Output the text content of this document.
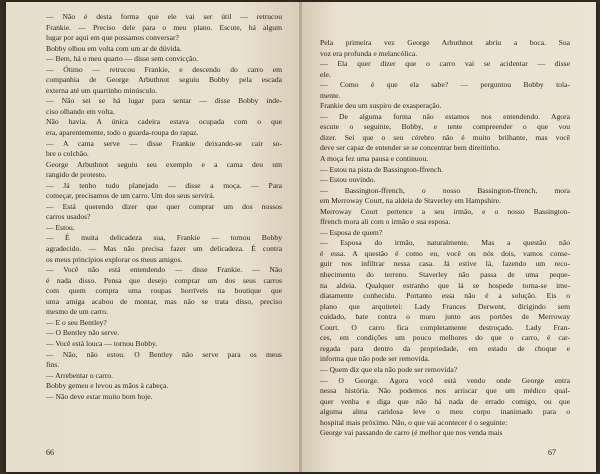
— Não é desta forma que ele vai ser útil — retrucou
Frankie. — Preciso dele para o meu plano. Escute, há algum
lugar por aqui em que possamos conversar?
Bobby olhou em volta com um ar de dúvida.
— Bem, há o meu quarto — disse sem convicção.
— Ótimo — retrucou Frankie, e descendo do carro em
companhia de George Arbuthnot seguiu Bobby pela escada
externa até um quartinho minúsculo.
— Não sei se há lugar para sentar — disse Bobby inde-
ciso olhando em volta.
Não havia. A única cadeira estava ocupada com o que
era, aparentemente, todo o guarda-roupa do rapaz.
— A cama serve — disse Frankie deixando-se cair so-
bre o colchão.
George Arbuthnot seguiu seu exemplo e a cama deu um
rangido de protesto.
— Já tenho tudo planejado — disse a moça. — Para
começar, precisamos de um carro. Um dos seus servirá.
— Está querendo dizer que quer comprar um dos nossos
carros usados?
— Estou.
— É muita delicadeza sua, Frankie — tornou Bobby
agradecido. — Mas não precisa fazer um delicadeza. É contra
os meus princípios explorar os meus amigos.
— Você não está entendendo — disse Frankie. — Não
é nada disso. Pensa que desejo comprar um dos seus carros
com quem compra uma roupas horríveis na boutique que
uma amiga acabou de montar, mas não se trata disso, preciso
mesmo de um carro.
— E o seu Bentley?
— O Bentley não serve.
— Você está louca — tornou Bobby.
— Não, não estou. O Bentley não serve para os meus
fins.
— Arrebentar o carro.
Bobby gemeu e levou as mãos à cabeça.
— Não deve estar muito bom hoje.
66
Pela primeira vez George Arbuthnot abriu a boca. Sua
voz era profunda e melancólica.
— Ela quer dizer que o carro vai se acidentar — disse
ele.
— Como é que ela sabe? — perguntou Bobby tola-
mente.
Frankie deu um suspiro de exasperação.
— De alguma forma não estamos nos entendendo. Agora
escute o seguinte, Bobby, e tente compreender o que vou
dizer. Sei que o seu cérebro não é muito brilhante, mas você
deve ser capaz de entender se se concentrar bem direitinho.
A moça fez uma pausa e continuou.
— Estou na pista de Bassington-ffrench.
— Estou ouvindo.
— Bassington-ffrench, o nosso Bassington-ffrench, mora
em Merroway Court, na aldeia de Staverley em Hampshire.
Merroway Court pertence a seu irmão, e o nosso Bassington-
ffrench mora ali com o irmão e sua esposa.
— Esposa de quem?
— Esposa do irmão, naturalmente. Mas a questão não
é essa. A questão é como eu, você ou nós dois, vamos conse-
guir nos infiltrar nessa casa. Já estive lá, fazendo um reco-
nhecimento do terreno. Staverley não passa de uma peque-
na aldeia. Qualquer estranho que lá se hospede torna-se ime-
diatamente conhecido. Portanto essa não é a solução. Eis o
plano que arquitetei: Lady Frances Derwent, dirigindo sem
cuidado, bate contra o muro junto aos portões de Merroway
Court. O carro fica completamente destroçado. Lady Fran-
ces, em condições um pouco melhores do que o carro, é car-
regada para dentro da propriedade, em estado de choque e
informa que não pode ser removida.
— Quem diz que ela não pode ser removida?
— O George. Agora você está vendo onde George entra
nessa história. Não podemos nos arriscar que um médico qual-
quer venha e diga que não há nada de errado comigo, ou que
alguma alma caridosa leve o meu corpo inanimado para o
hospital mais próximo. Não, o que vai acontecer é o seguinte:
George vai passando de carro (é melhor que nos venda mais
67
